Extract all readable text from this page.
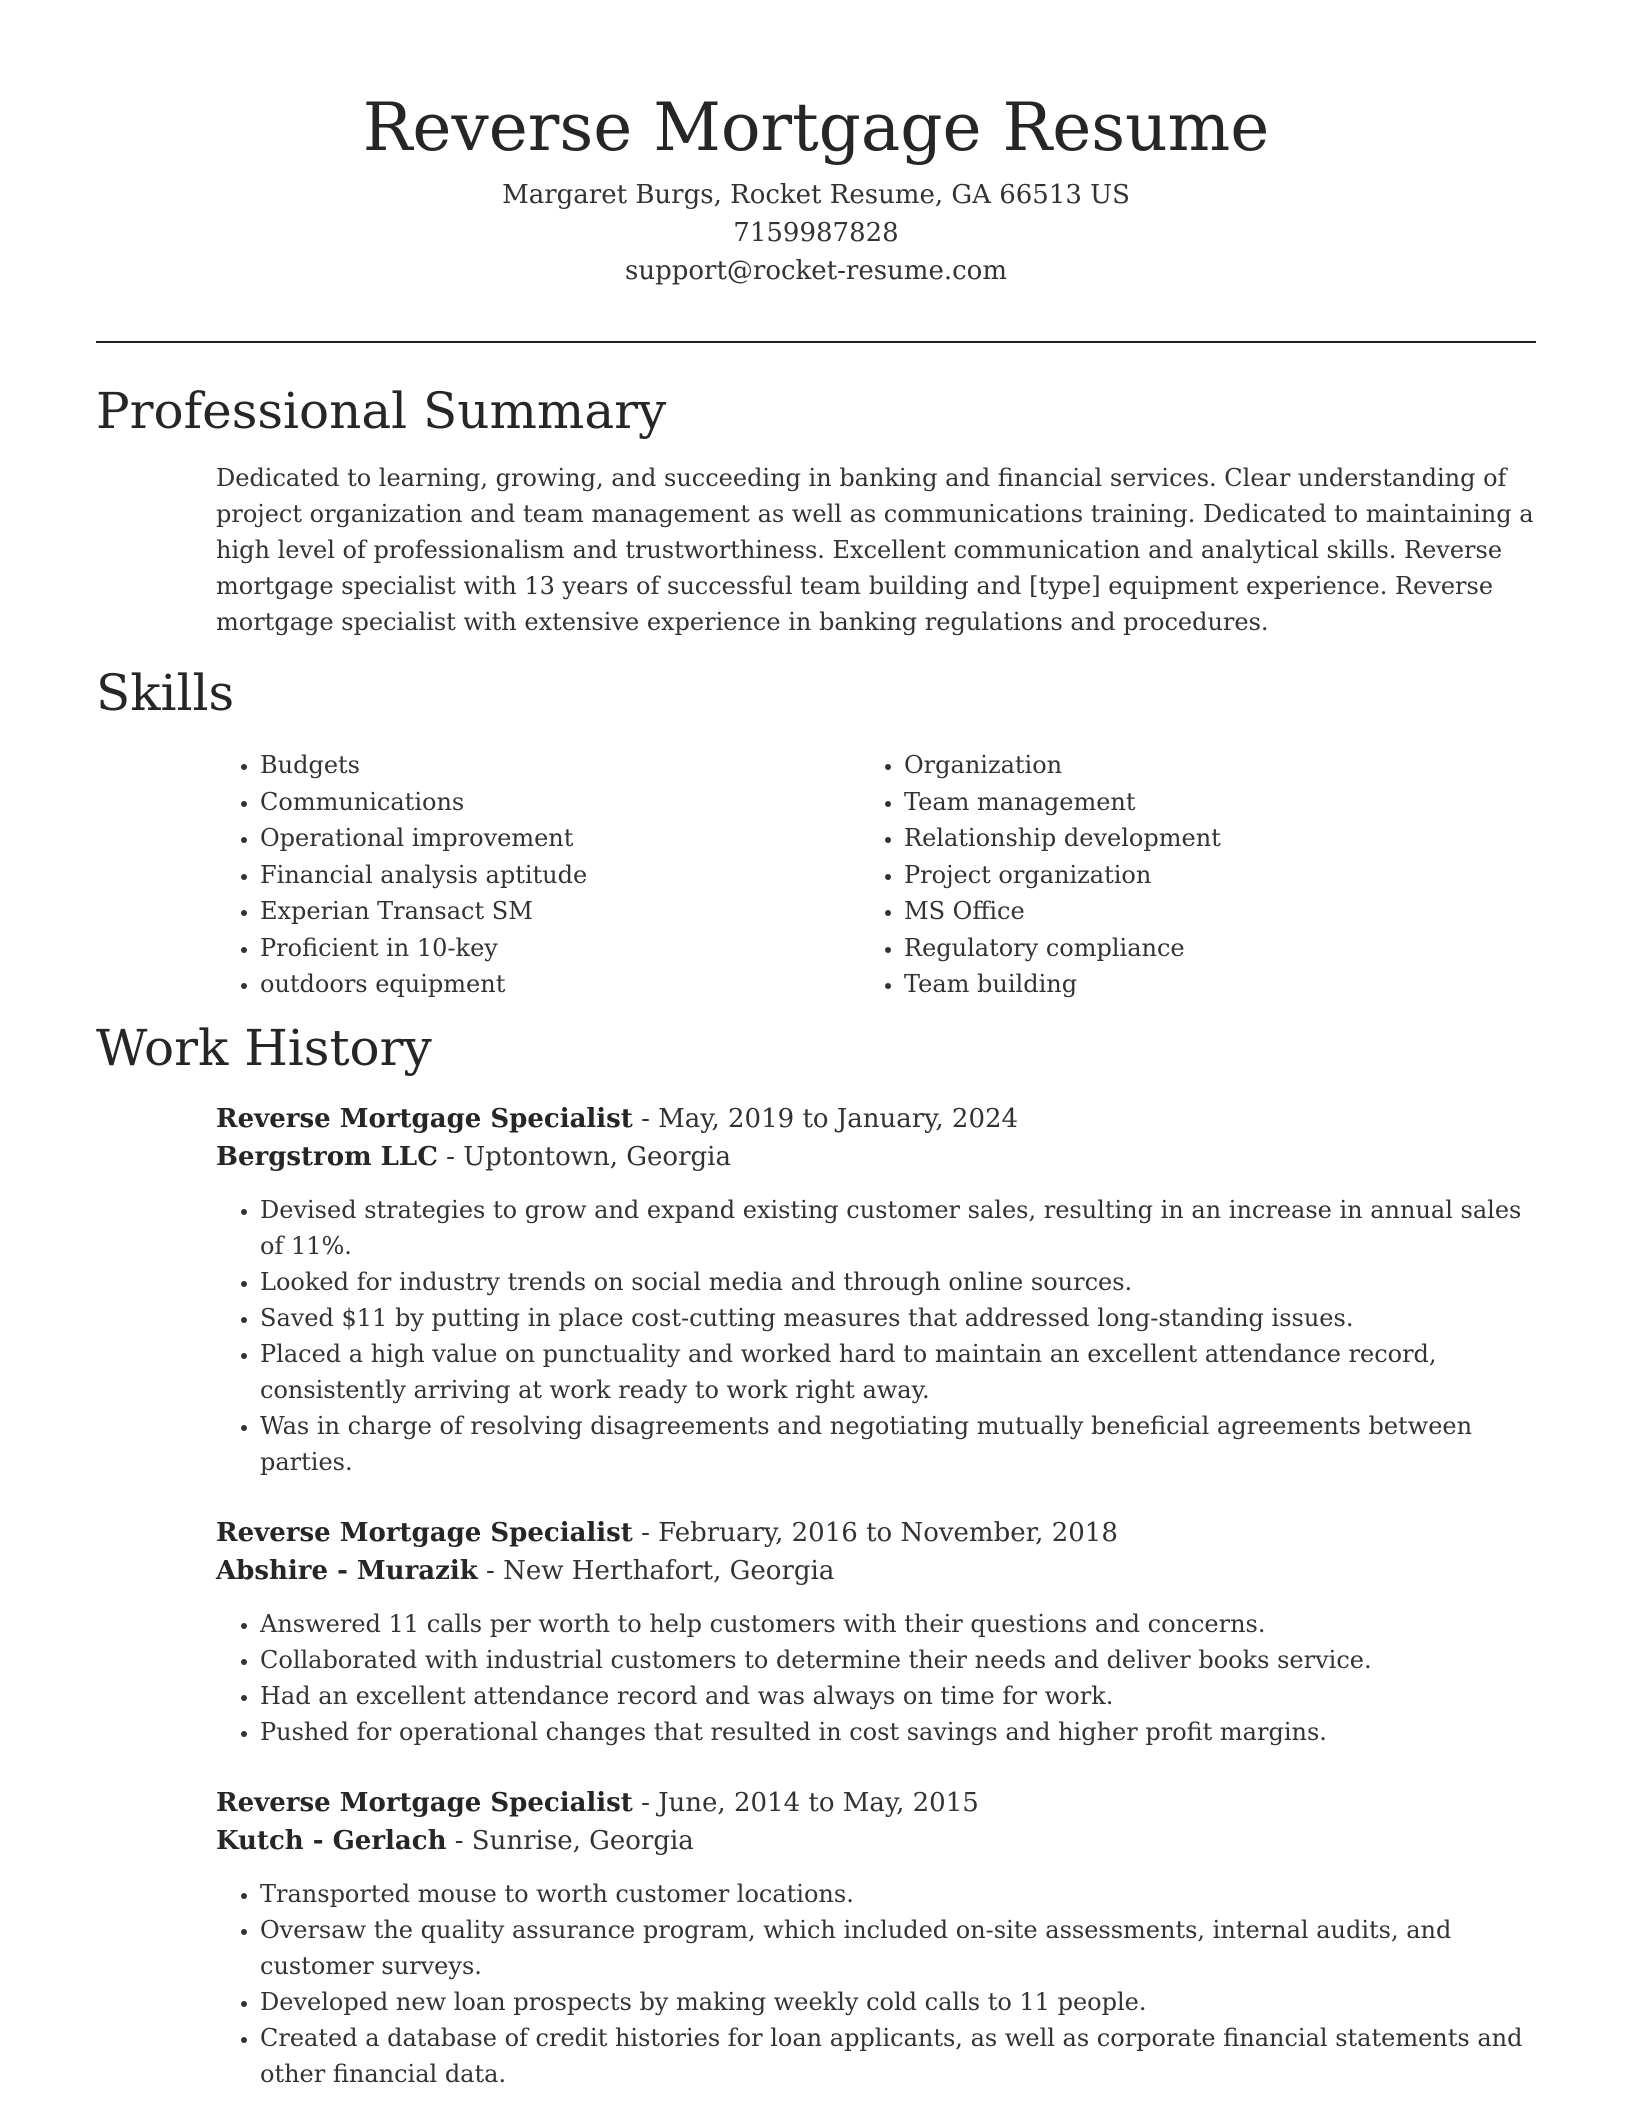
Reverse Mortgage Resume
Margaret Burgs, Rocket Resume, GA 66513 US
7159987828
support@rocket-resume.com
Professional Summary

Dedicated to learning, growing, and succeeding in banking and financial services. Clear understanding of project organization and team management as well as communications training. Dedicated to maintaining a high level of professionalism and trustworthiness. Excellent communication and analytical skills. Reverse mortgage specialist with 13 years of successful team building and [type] equipment experience. Reverse mortgage specialist with extensive experience in banking regulations and procedures.

Skills
• Budgets
• Communications
• Operational improvement
• Financial analysis aptitude
• Experian Transact SM
• Proficient in 10-key
• outdoors equipment
• Organization
• Team management
• Relationship development
• Project organization
• MS Office
• Regulatory compliance
• Team building
Work History
Reverse Mortgage Specialist - May, 2019 to January, 2024
Bergstrom LLC - Uptontown, Georgia
• Devised strategies to grow and expand existing customer sales, resulting in an increase in annual sales of 11%.
• Looked for industry trends on social media and through online sources.
• Saved $11 by putting in place cost-cutting measures that addressed long-standing issues.
• Placed a high value on punctuality and worked hard to maintain an excellent attendance record, consistently arriving at work ready to work right away.
• Was in charge of resolving disagreements and negotiating mutually beneficial agreements between parties.
Reverse Mortgage Specialist - February, 2016 to November, 2018
Abshire - Murazik - New Herthafort, Georgia
• Answered 11 calls per worth to help customers with their questions and concerns.
• Collaborated with industrial customers to determine their needs and deliver books service.
• Had an excellent attendance record and was always on time for work.
• Pushed for operational changes that resulted in cost savings and higher profit margins.
Reverse Mortgage Specialist - June, 2014 to May, 2015
Kutch - Gerlach - Sunrise, Georgia
• Transported mouse to worth customer locations.
• Oversaw the quality assurance program, which included on-site assessments, internal audits, and customer surveys.
• Developed new loan prospects by making weekly cold calls to 11 people.
• Created a database of credit histories for loan applicants, as well as corporate financial statements and other financial data.
